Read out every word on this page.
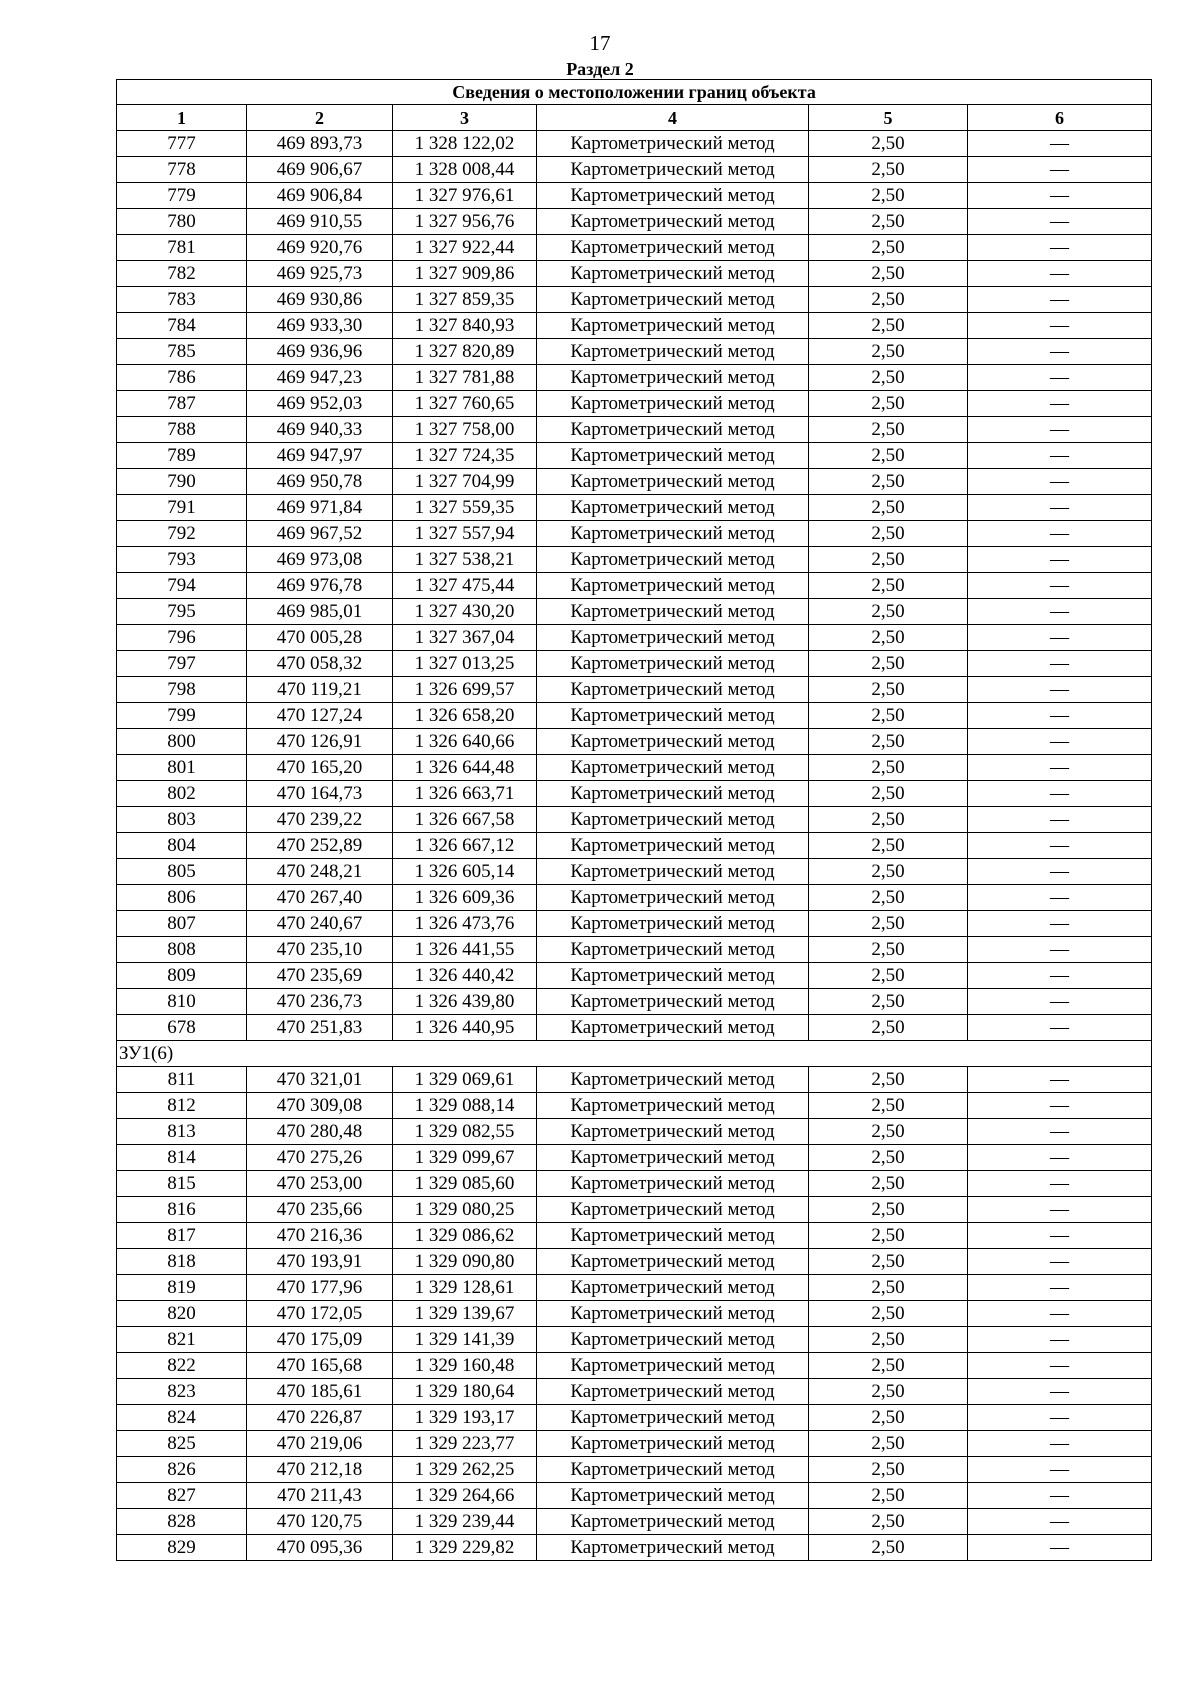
17
Раздел 2
Сведения о местоположении границ объекта					
1	2	3	4	5	6
777	469 893,73	1 328 122,02	Картометрический метод	2,50	—
778	469 906,67	1 328 008,44	Картометрический метод	2,50	—
779	469 906,84	1 327 976,61	Картометрический метод	2,50	—
780	469 910,55	1 327 956,76	Картометрический метод	2,50	—
781	469 920,76	1 327 922,44	Картометрический метод	2,50	—
782	469 925,73	1 327 909,86	Картометрический метод	2,50	—
783	469 930,86	1 327 859,35	Картометрический метод	2,50	—
784	469 933,30	1 327 840,93	Картометрический метод	2,50	—
785	469 936,96	1 327 820,89	Картометрический метод	2,50	—
786	469 947,23	1 327 781,88	Картометрический метод	2,50	—
787	469 952,03	1 327 760,65	Картометрический метод	2,50	—
788	469 940,33	1 327 758,00	Картометрический метод	2,50	—
789	469 947,97	1 327 724,35	Картометрический метод	2,50	—
790	469 950,78	1 327 704,99	Картометрический метод	2,50	—
791	469 971,84	1 327 559,35	Картометрический метод	2,50	—
792	469 967,52	1 327 557,94	Картометрический метод	2,50	—
793	469 973,08	1 327 538,21	Картометрический метод	2,50	—
794	469 976,78	1 327 475,44	Картометрический метод	2,50	—
795	469 985,01	1 327 430,20	Картометрический метод	2,50	—
796	470 005,28	1 327 367,04	Картометрический метод	2,50	—
797	470 058,32	1 327 013,25	Картометрический метод	2,50	—
798	470 119,21	1 326 699,57	Картометрический метод	2,50	—
799	470 127,24	1 326 658,20	Картометрический метод	2,50	—
800	470 126,91	1 326 640,66	Картометрический метод	2,50	—
801	470 165,20	1 326 644,48	Картометрический метод	2,50	—
802	470 164,73	1 326 663,71	Картометрический метод	2,50	—
803	470 239,22	1 326 667,58	Картометрический метод	2,50	—
804	470 252,89	1 326 667,12	Картометрический метод	2,50	—
805	470 248,21	1 326 605,14	Картометрический метод	2,50	—
806	470 267,40	1 326 609,36	Картометрический метод	2,50	—
807	470 240,67	1 326 473,76	Картометрический метод	2,50	—
808	470 235,10	1 326 441,55	Картометрический метод	2,50	—
809	470 235,69	1 326 440,42	Картометрический метод	2,50	—
810	470 236,73	1 326 439,80	Картометрический метод	2,50	—
678	470 251,83	1 326 440,95	Картометрический метод	2,50	—
ЗУ1(6)					
811	470 321,01	1 329 069,61	Картометрический метод	2,50	—
812	470 309,08	1 329 088,14	Картометрический метод	2,50	—
813	470 280,48	1 329 082,55	Картометрический метод	2,50	—
814	470 275,26	1 329 099,67	Картометрический метод	2,50	—
815	470 253,00	1 329 085,60	Картометрический метод	2,50	—
816	470 235,66	1 329 080,25	Картометрический метод	2,50	—
817	470 216,36	1 329 086,62	Картометрический метод	2,50	—
818	470 193,91	1 329 090,80	Картометрический метод	2,50	—
819	470 177,96	1 329 128,61	Картометрический метод	2,50	—
820	470 172,05	1 329 139,67	Картометрический метод	2,50	—
821	470 175,09	1 329 141,39	Картометрический метод	2,50	—
822	470 165,68	1 329 160,48	Картометрический метод	2,50	—
823	470 185,61	1 329 180,64	Картометрический метод	2,50	—
824	470 226,87	1 329 193,17	Картометрический метод	2,50	—
825	470 219,06	1 329 223,77	Картометрический метод	2,50	—
826	470 212,18	1 329 262,25	Картометрический метод	2,50	—
827	470 211,43	1 329 264,66	Картометрический метод	2,50	—
828	470 120,75	1 329 239,44	Картометрический метод	2,50	—
829	470 095,36	1 329 229,82	Картометрический метод	2,50	—
